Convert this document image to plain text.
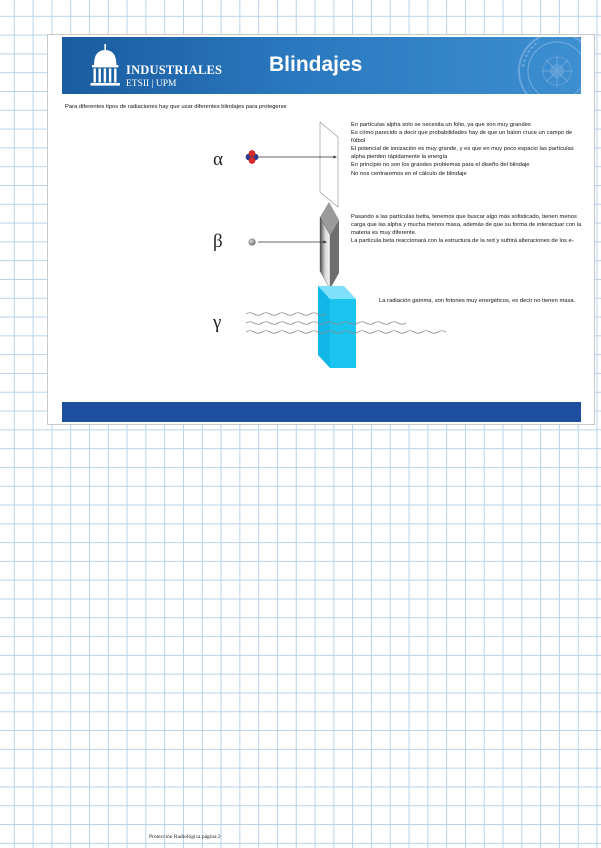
INDUSTRIALES
ETSII | UPM
Blindajes
Para diferentes tipos de radiaciones hay que usar diferentes blindajes para protegerse
α
β
γ

En partículas alpha solo se necesita un folio, ya que son muy grandes

Es cómo parecido a decir que probabilidades hay de que un balon cruce un campo de fútbol

El potencial de ionización es muy grande, y es que en muy poco espacio las partículas alpha pierden rápidamente la energía

En principio no son los grandes problemas para el diseño del blindaje

No nos centraremos en el cálculo de blindaje

Pasando a las partículas betta, tenemos que buscar algo más sofisticado, tienen menos carga que las alpha y mucha menos masa, además de que su forma de interactuar con la materia es muy diferente.

La partícula beta reaccionará con la estructura de la red y sufrirá alteraciones de los e-

La radiación gamma, son fotones muy energéticos, es decir no tienen masa.

Protección Radiológica página 2
